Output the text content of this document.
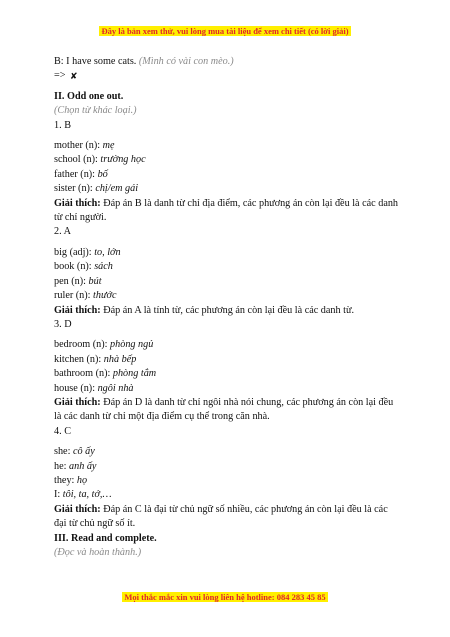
Đây là bản xem thử, vui lòng mua tài liệu để xem chi tiết (có lời giải)
B: I have some cats. (Mình có vài con mèo.)
=> ✘
II. Odd one out.
(Chọn từ khác loại.)
1. B
mother (n): mẹ
school (n): trường học
father (n): bố
sister (n): chị/em gái
Giải thích: Đáp án B là danh từ chỉ địa điểm, các phương án còn lại đều là các danh từ chỉ người.
2. A
big (adj): to, lớn
book (n): sách
pen (n): bút
ruler (n): thước
Giải thích: Đáp án A là tính từ, các phương án còn lại đều là các danh từ.
3. D
bedroom (n): phòng ngủ
kitchen (n): nhà bếp
bathroom (n): phòng tắm
house (n): ngôi nhà
Giải thích: Đáp án D là danh từ chỉ ngôi nhà nói chung, các phương án còn lại đều là các danh từ chỉ một địa điểm cụ thể trong căn nhà.
4. C
she: cô ấy
he: anh ấy
they: họ
I: tôi, ta, tớ,…
Giải thích: Đáp án C là đại từ chủ ngữ số nhiều, các phương án còn lại đều là các đại từ chủ ngữ số ít.
III. Read and complete.
(Đọc và hoàn thành.)
Mọi thắc mắc xin vui lòng liên hệ hotline: 084 283 45 85
